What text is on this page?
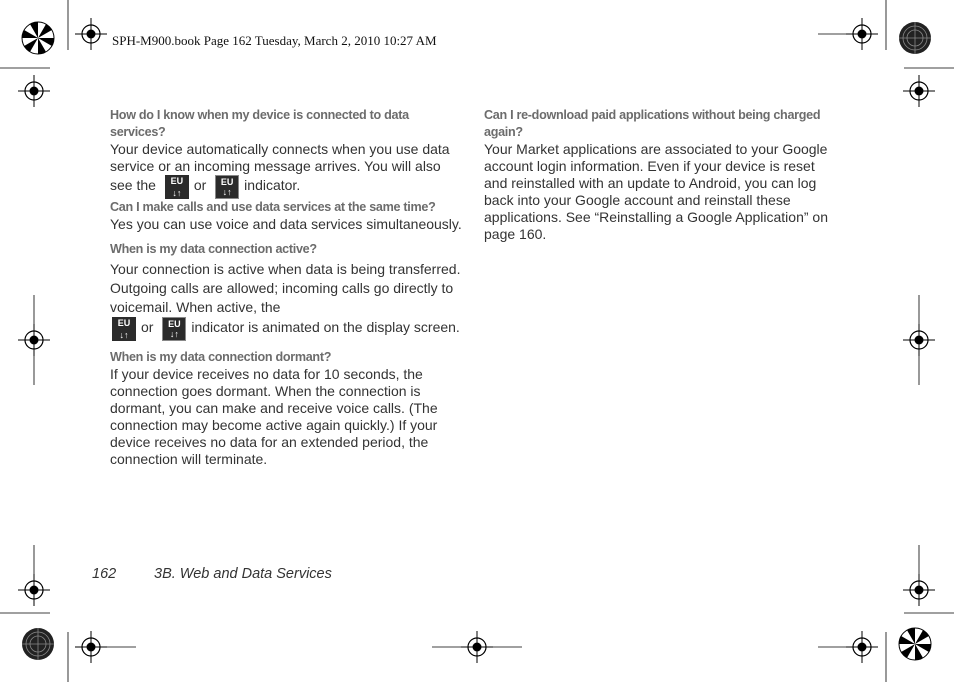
SPH-M900.book Page 162 Tuesday, March 2, 2010 10:27 AM

How do I know when my device is connected to data services?

Your device automatically connects when you use data service or an incoming message arrives. You will also see the	EU
↓↑ or	EU
↓↑ indicator.

Can I make calls and use data services at the same time?

Yes you can use voice and data services simultaneously.

When is my data connection active?

Your connection is active when data is being transferred. Outgoing calls are allowed; incoming calls go directly to voicemail. When active, the

EU
↓↑ or	EU
↓↑ indicator is animated on the display screen.

When is my data connection dormant?

If your device receives no data for 10 seconds, the connection goes dormant. When the connection is dormant, you can make and receive voice calls. (The connection may become active again quickly.) If your device receives no data for an extended period, the connection will terminate.

Can I re-download paid applications without being charged again?

Your Market applications are associated to your Google account login information. Even if your device is reset and reinstalled with an update to Android, you can log back into your Google account and reinstall these applications. See “Reinstalling a Google Application” on page 160.

162	3B. Web and Data Services
